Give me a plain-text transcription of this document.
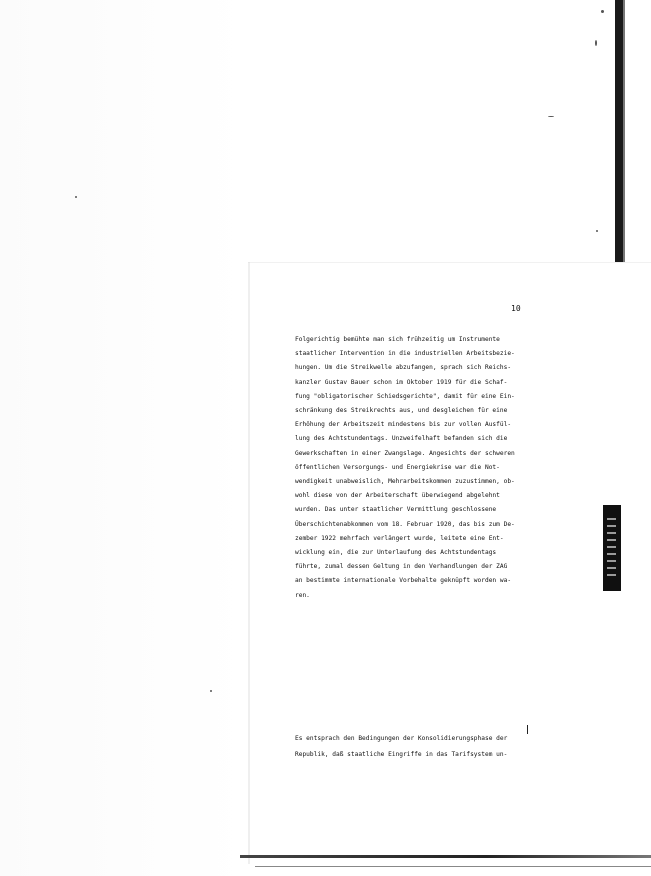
10
Folgerichtig bemühte man sich frühzeitig um Instrumente
staatlicher Intervention in die industriellen Arbeitsbezie-
hungen. Um die Streikwelle abzufangen, sprach sich Reichs-
kanzler Gustav Bauer schon im Oktober 1919 für die Schaf-
fung "obligatorischer Schiedsgerichte", damit für eine Ein-
schränkung des Streikrechts aus, und desgleichen für eine
Erhöhung der Arbeitszeit mindestens bis zur vollen Ausfül-
lung des Achtstundentags. Unzweifelhaft befanden sich die
Gewerkschaften in einer Zwangslage. Angesichts der schweren
öffentlichen Versorgungs- und Energiekrise war die Not-
wendigkeit unabweislich, Mehrarbeitskommen zuzustimmen, ob-
wohl diese von der Arbeiterschaft überwiegend abgelehnt
wurden. Das unter staatlicher Vermittlung geschlossene
Überschichtenabkommen vom 18. Februar 1920, das bis zum De-
zember 1922 mehrfach verlängert wurde, leitete eine Ent-
wicklung ein, die zur Unterlaufung des Achtstundentags
führte, zumal dessen Geltung in den Verhandlungen der ZAG
an bestimmte internationale Vorbehalte geknüpft worden wa-
ren.
Es entsprach den Bedingungen der Konsolidierungsphase der
Republik, daß staatliche Eingriffe in das Tarifsystem un-
